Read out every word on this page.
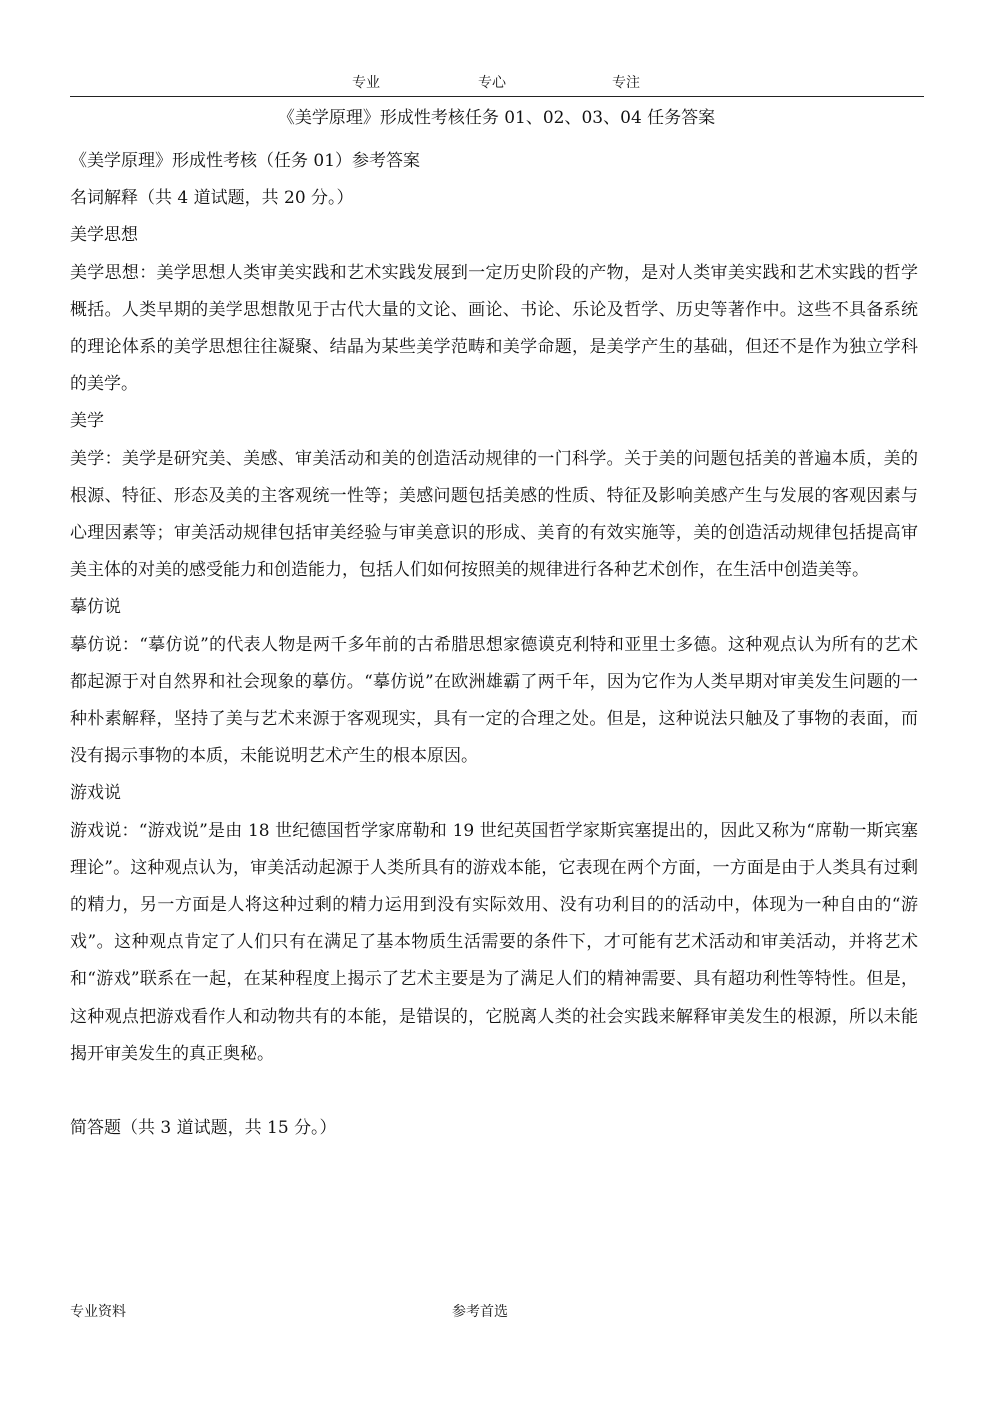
专业	专心	专注
《美学原理》形成性考核任务 01、02、03、04 任务答案

《美学原理》形成性考核（任务 01）参考答案

名词解释（共 4 道试题，共 20 分。）

美学思想

美学思想：美学思想人类审美实践和艺术实践发展到一定历史阶段的产物，是对人类审美实践和艺术实践的哲学概括。人类早期的美学思想散见于古代大量的文论、画论、书论、乐论及哲学、历史等著作中。这些不具备系统的理论体系的美学思想往往凝聚、结晶为某些美学范畴和美学命题，是美学产生的基础，但还不是作为独立学科的美学。

美学

美学：美学是研究美、美感、审美活动和美的创造活动规律的一门科学。关于美的问题包括美的普遍本质，美的根源、特征、形态及美的主客观统一性等；美感问题包括美感的性质、特征及影响美感产生与发展的客观因素与心理因素等；审美活动规律包括审美经验与审美意识的形成、美育的有效实施等，美的创造活动规律包括提高审美主体的对美的感受能力和创造能力，包括人们如何按照美的规律进行各种艺术创作，在生活中创造美等。

摹仿说

摹仿说：“摹仿说”的代表人物是两千多年前的古希腊思想家德谟克利特和亚里士多德。这种观点认为所有的艺术都起源于对自然界和社会现象的摹仿。“摹仿说”在欧洲雄霸了两千年，因为它作为人类早期对审美发生问题的一种朴素解释，坚持了美与艺术来源于客观现实，具有一定的合理之处。但是，这种说法只触及了事物的表面，而没有揭示事物的本质，未能说明艺术产生的根本原因。

游戏说

游戏说：“游戏说”是由 18 世纪德国哲学家席勒和 19 世纪英国哲学家斯宾塞提出的，因此又称为“席勒一斯宾塞理论”。这种观点认为，审美活动起源于人类所具有的游戏本能，它表现在两个方面，一方面是由于人类具有过剩的精力，另一方面是人将这种过剩的精力运用到没有实际效用、没有功利目的的活动中，体现为一种自由的“游戏”。这种观点肯定了人们只有在满足了基本物质生活需要的条件下，才可能有艺术活动和审美活动，并将艺术和“游戏”联系在一起，在某种程度上揭示了艺术主要是为了满足人们的精神需要、具有超功利性等特性。但是，这种观点把游戏看作人和动物共有的本能，是错误的，它脱离人类的社会实践来解释审美发生的根源，所以未能揭开审美发生的真正奥秘。

简答题（共 3 道试题，共 15 分。）

专业资料	参考首选
